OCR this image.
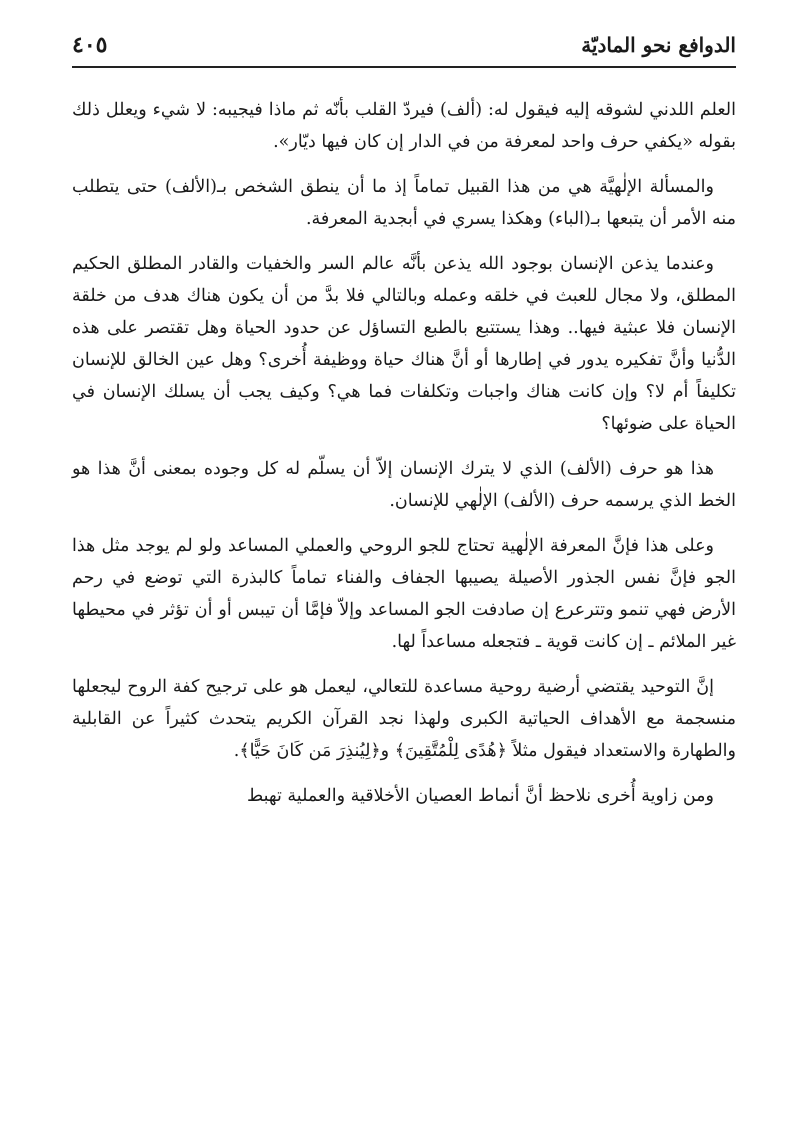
الدوافع نحو الماديّة
٤٠٥

العلم اللدني لشوقه إليه فيقول له: (ألف) فيردّ القلب بأنّه ثم ماذا فيجيبه: لا شيء ويعلل ذلك بقوله «يكفي حرف واحد لمعرفة من في الدار إن كان فيها ديّار».

والمسألة الإلٰهيَّة هي من هذا القبيل تماماً إذ ما أن ينطق الشخص بـ(الألف) حتى يتطلب منه الأمر أن يتبعها بـ(الباء) وهكذا يسري في أبجدية المعرفة.

وعندما يذعن الإنسان بوجود الله يذعن بأنَّه عالم السر والخفيات والقادر المطلق الحكيم المطلق، ولا مجال للعبث في خلقه وعمله وبالتالي فلا بدَّ من أن يكون هناك هدف من خلقة الإنسان فلا عبثية فيها.. وهذا يستتبع بالطبع التساؤل عن حدود الحياة وهل تقتصر على هذه الدُّنيا وأنَّ تفكيره يدور في إطارها أو أنَّ هناك حياة ووظيفة أُخرى؟ وهل عين الخالق للإنسان تكليفاً أم لا؟ وإن كانت هناك واجبات وتكلفات فما هي؟ وكيف يجب أن يسلك الإنسان في الحياة على ضوئها؟

هذا هو حرف (الألف) الذي لا يترك الإنسان إلاّ أن يسلّم له كل وجوده بمعنى أنَّ هذا هو الخط الذي يرسمه حرف (الألف) الإلٰهي للإنسان.

وعلى هذا فإنَّ المعرفة الإلٰهية تحتاج للجو الروحي والعملي المساعد ولو لم يوجد مثل هذا الجو فإنَّ نفس الجذور الأصيلة يصيبها الجفاف والفناء تماماً كالبذرة التي توضع في رحم الأرض فهي تنمو وتترعرع إن صادفت الجو المساعد وإلاّ فإمَّا أن تيبس أو أن تؤثر في محيطها غير الملائم ـ إن كانت قوية ـ فتجعله مساعداً لها.

إنَّ التوحيد يقتضي أرضية روحية مساعدة للتعالي، ليعمل هو على ترجيح كفة الروح ليجعلها منسجمة مع الأهداف الحياتية الكبرى ولهذا نجد القرآن الكريم يتحدث كثيراً عن القابلية والطهارة والاستعداد فيقول مثلاً ﴿هُدًى لِلْمُتَّقِينَ﴾ و﴿لِيُنذِرَ مَن كَانَ حَيًّا﴾.

ومن زاوية أُخرى نلاحظ أنَّ أنماط العصيان الأخلاقية والعملية تهبط
